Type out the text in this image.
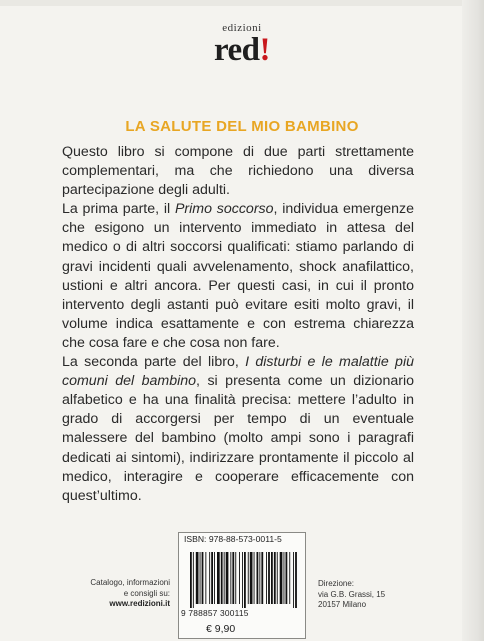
edizioni
red!
LA SALUTE DEL MIO BAMBINO

Questo libro si compone di due parti strettamente complementari, ma che richiedono una diversa partecipazione degli adulti.

La prima parte, il Primo soccorso, individua emergenze che esigono un intervento immediato in attesa del medico o di altri soccorsi qualificati: stiamo parlando di gravi incidenti quali avvelenamento, shock anafilattico, ustioni e altri ancora. Per questi casi, in cui il pronto intervento degli astanti può evitare esiti molto gravi, il volume indica esattamente e con estrema chiarezza che cosa fare e che cosa non fare.

La seconda parte del libro, I disturbi e le malattie più comuni del bambino, si presenta come un dizionario alfabetico e ha una finalità precisa: mettere l’adulto in grado di accorgersi per tempo di un eventuale malessere del bambino (molto ampi sono i paragrafi dedicati ai sintomi), indirizzare prontamente il piccolo al medico, interagire e cooperare efficacemente con quest’ultimo.

Catalogo, informazioni
e consigli su:
www.redizioni.it
ISBN: 978-88-573-0011-5
9 788857 300115
€ 9,90
Direzione:
via G.B. Grassi, 15
20157 Milano
